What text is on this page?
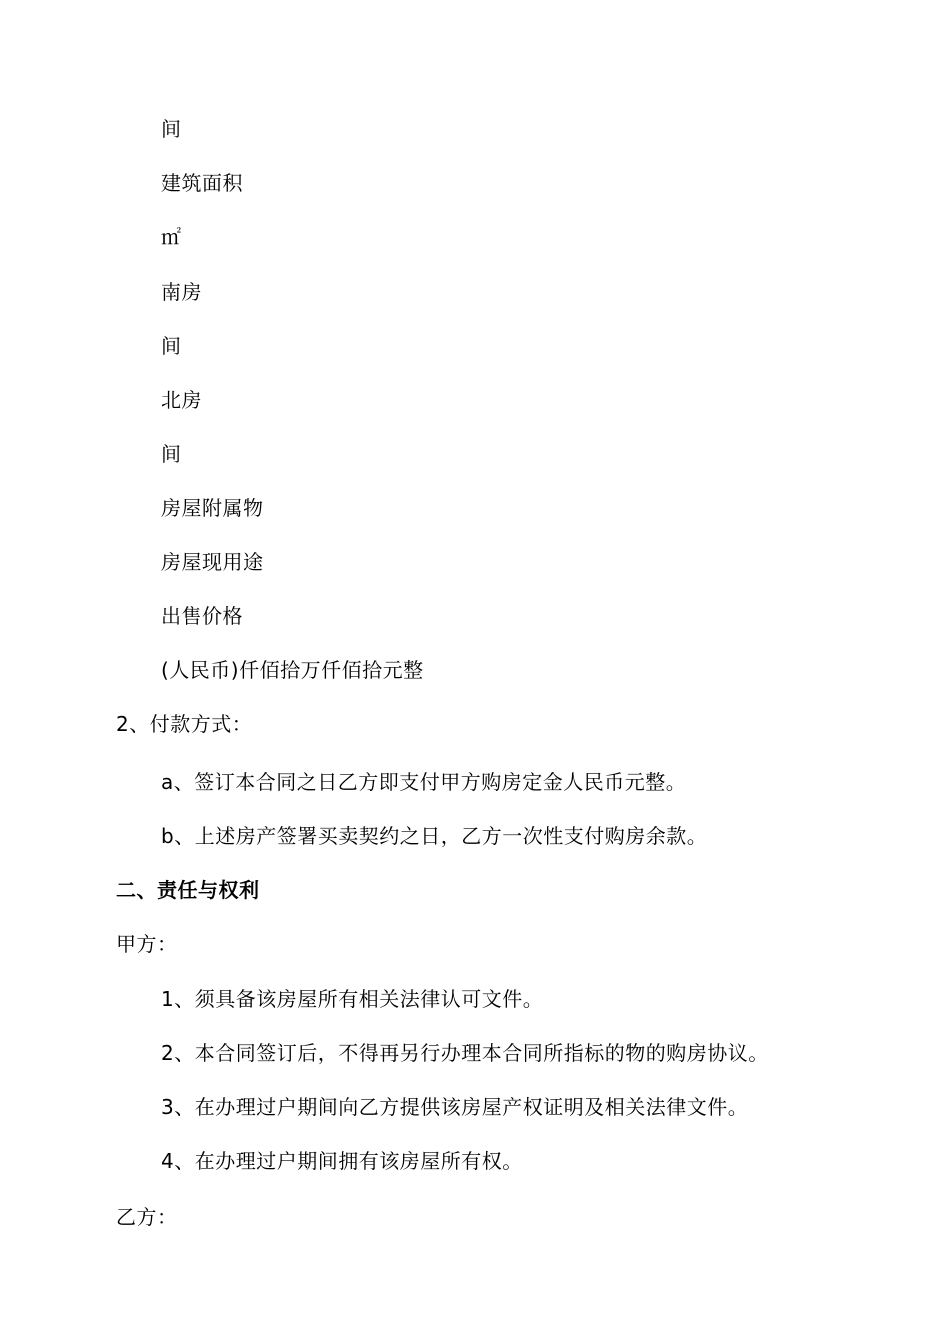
间
建筑面积
㎡
南房
间
北房
间
房屋附属物
房屋现用途
出售价格
(人民币)仟佰拾万仟佰拾元整
2、付款方式：
a、签订本合同之日乙方即支付甲方购房定金人民币元整。
b、上述房产签署买卖契约之日，乙方一次性支付购房余款。
二、责任与权利
甲方：
1、须具备该房屋所有相关法律认可文件。
2、本合同签订后，不得再另行办理本合同所指标的物的购房协议。
3、在办理过户期间向乙方提供该房屋产权证明及相关法律文件。
4、在办理过户期间拥有该房屋所有权。
乙方：
